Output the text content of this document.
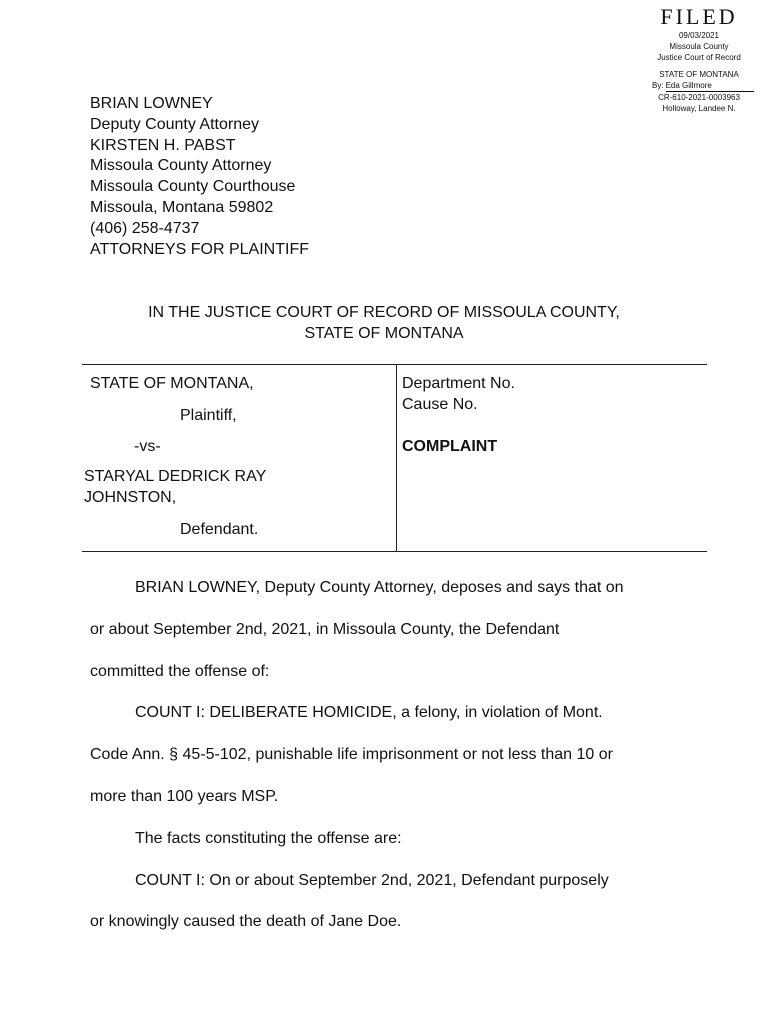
FILED
09/03/2021
Missoula County
Justice Court of Record
STATE OF MONTANA
By: Eda Gillmore
CR-610-2021-0003963
Holloway, Landee N.
BRIAN LOWNEY
Deputy County Attorney
KIRSTEN H. PABST
Missoula County Attorney
Missoula County Courthouse
Missoula, Montana 59802
(406) 258-4737
ATTORNEYS FOR PLAINTIFF
IN THE JUSTICE COURT OF RECORD OF MISSOULA COUNTY,
STATE OF MONTANA
STATE OF MONTANA,
Plaintiff,
-vs-
STARYAL DEDRICK RAY
JOHNSTON,
Defendant.
Department No.
Cause No.
COMPLAINT
BRIAN LOWNEY, Deputy County Attorney, deposes and says that on
or about September 2nd, 2021, in Missoula County, the Defendant
committed the offense of:
COUNT I: DELIBERATE HOMICIDE, a felony, in violation of Mont.
Code Ann. § 45-5-102, punishable life imprisonment or not less than 10 or
more than 100 years MSP.
The facts constituting the offense are:
COUNT I: On or about September 2nd, 2021, Defendant purposely
or knowingly caused the death of Jane Doe.
